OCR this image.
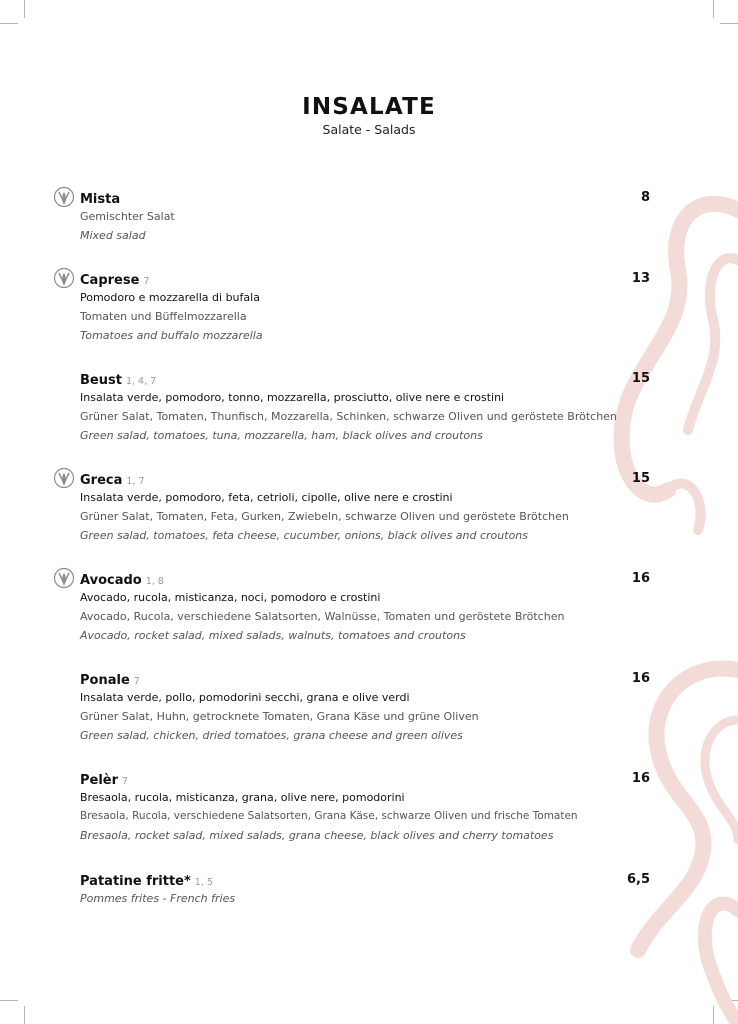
INSALATE
Salate - Salads
Mista	8
Gemischter Salat
Mixed salad
Caprese 7	13
Pomodoro e mozzarella di bufala
Tomaten und Büffelmozzarella
Tomatoes and buffalo mozzarella
Beust 1, 4, 7	15
Insalata verde, pomodoro, tonno, mozzarella, prosciutto, olive nere e crostini
Grüner Salat, Tomaten, Thunfisch, Mozzarella, Schinken, schwarze Oliven und geröstete Brötchen
Green salad, tomatoes, tuna, mozzarella, ham, black olives and croutons
Greca 1, 7	15
Insalata verde, pomodoro, feta, cetrioli, cipolle, olive nere e crostini
Grüner Salat, Tomaten, Feta, Gurken, Zwiebeln, schwarze Oliven und geröstete Brötchen
Green salad, tomatoes, feta cheese, cucumber, onions, black olives and croutons
Avocado 1, 8	16
Avocado, rucola, misticanza, noci, pomodoro e crostini
Avocado, Rucola, verschiedene Salatsorten, Walnüsse, Tomaten und geröstete Brötchen
Avocado, rocket salad, mixed salads, walnuts, tomatoes and croutons
Ponale 7	16
Insalata verde, pollo, pomodorini secchi, grana e olive verdi
Grüner Salat, Huhn, getrocknete Tomaten, Grana Käse und grüne Oliven
Green salad, chicken, dried tomatoes, grana cheese and green olives
Pelèr 7	16
Bresaola, rucola, misticanza, grana, olive nere, pomodorini
Bresaola, Rucola, verschiedene Salatsorten, Grana Käse, schwarze Oliven und frische Tomaten
Bresaola, rocket salad, mixed salads, grana cheese, black olives and cherry tomatoes
Patatine fritte* 1, 5	6,5
Pommes frites - French fries
